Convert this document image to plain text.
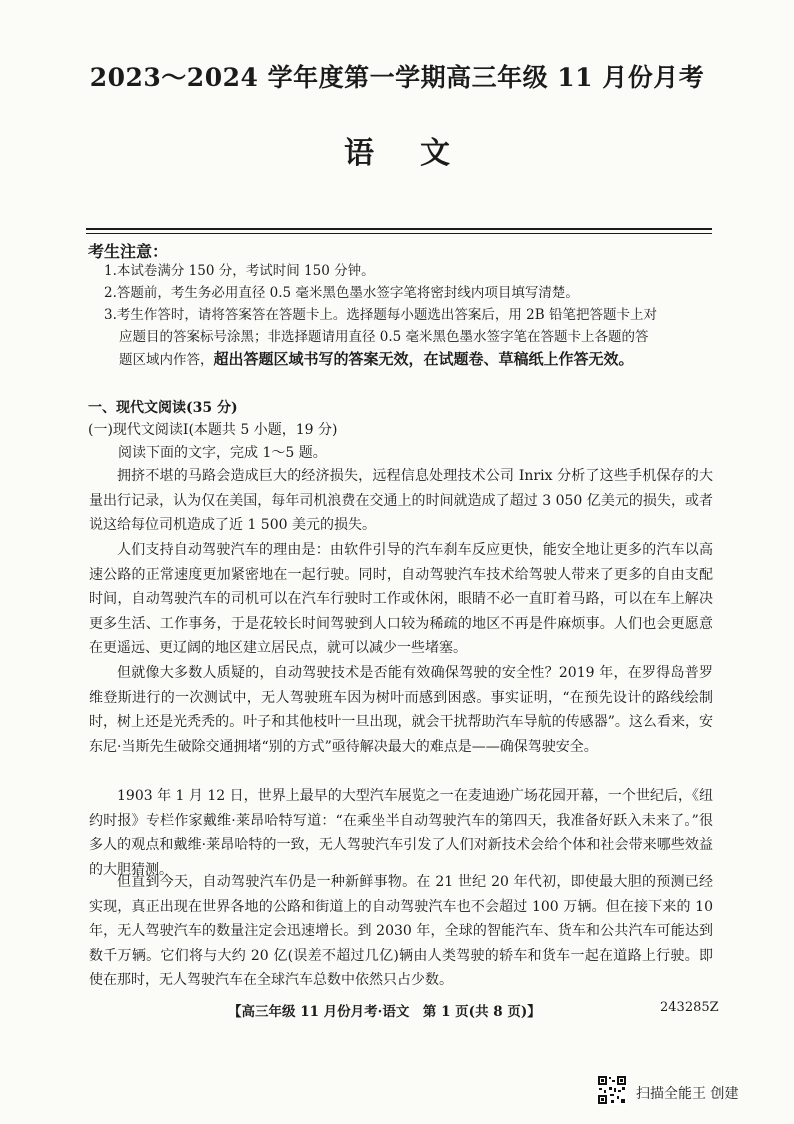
2023～2024 学年度第一学期高三年级 11 月份月考
语文
考生注意：
1.本试卷满分 150 分，考试时间 150 分钟。
2.答题前，考生务必用直径 0.5 毫米黑色墨水签字笔将密封线内项目填写清楚。
3.考生作答时，请将答案答在答题卡上。选择题每小题选出答案后，用 2B 铅笔把答题卡上对
应题目的答案标号涂黑；非选择题请用直径 0.5 毫米黑色墨水签字笔在答题卡上各题的答
题区域内作答，超出答题区域书写的答案无效，在试题卷、草稿纸上作答无效。
一、现代文阅读(35 分)
(一)现代文阅读Ⅰ(本题共 5 小题，19 分)
阅读下面的文字，完成 1～5 题。

拥挤不堪的马路会造成巨大的经济损失，远程信息处理技术公司 Inrix 分析了这些手机保存的大量出行记录，认为仅在美国，每年司机浪费在交通上的时间就造成了超过 3 050 亿美元的损失，或者说这给每位司机造成了近 1 500 美元的损失。

人们支持自动驾驶汽车的理由是：由软件引导的汽车刹车反应更快，能安全地让更多的汽车以高速公路的正常速度更加紧密地在一起行驶。同时，自动驾驶汽车技术给驾驶人带来了更多的自由支配时间，自动驾驶汽车的司机可以在汽车行驶时工作或休闲，眼睛不必一直盯着马路，可以在车上解决更多生活、工作事务，于是花较长时间驾驶到人口较为稀疏的地区不再是件麻烦事。人们也会更愿意在更遥远、更辽阔的地区建立居民点，就可以减少一些堵塞。

但就像大多数人质疑的，自动驾驶技术是否能有效确保驾驶的安全性？2019 年，在罗得岛普罗维登斯进行的一次测试中，无人驾驶班车因为树叶而感到困惑。事实证明，“在预先设计的路线绘制时，树上还是光秃秃的。叶子和其他枝叶一旦出现，就会干扰帮助汽车导航的传感器”。这么看来，安东尼·当斯先生破除交通拥堵“别的方式”亟待解决最大的难点是——确保驾驶安全。

1903 年 1 月 12 日，世界上最早的大型汽车展览之一在麦迪逊广场花园开幕，一个世纪后，《纽约时报》专栏作家戴维·莱昂哈特写道：“在乘坐半自动驾驶汽车的第四天，我准备好跃入未来了。”很多人的观点和戴维·莱昂哈特的一致，无人驾驶汽车引发了人们对新技术会给个体和社会带来哪些效益的大胆猜测。

但直到今天，自动驾驶汽车仍是一种新鲜事物。在 21 世纪 20 年代初，即使最大胆的预测已经实现，真正出现在世界各地的公路和街道上的自动驾驶汽车也不会超过 100 万辆。但在接下来的 10 年，无人驾驶汽车的数量注定会迅速增长。到 2030 年，全球的智能汽车、货车和公共汽车可能达到数千万辆。它们将与大约 20 亿(误差不超过几亿)辆由人类驾驶的轿车和货车一起在道路上行驶。即使在那时，无人驾驶汽车在全球汽车总数中依然只占少数。

【高三年级 11 月份月考·语文　第 1 页(共 8 页)】	243285Z
扫描全能王 创建
